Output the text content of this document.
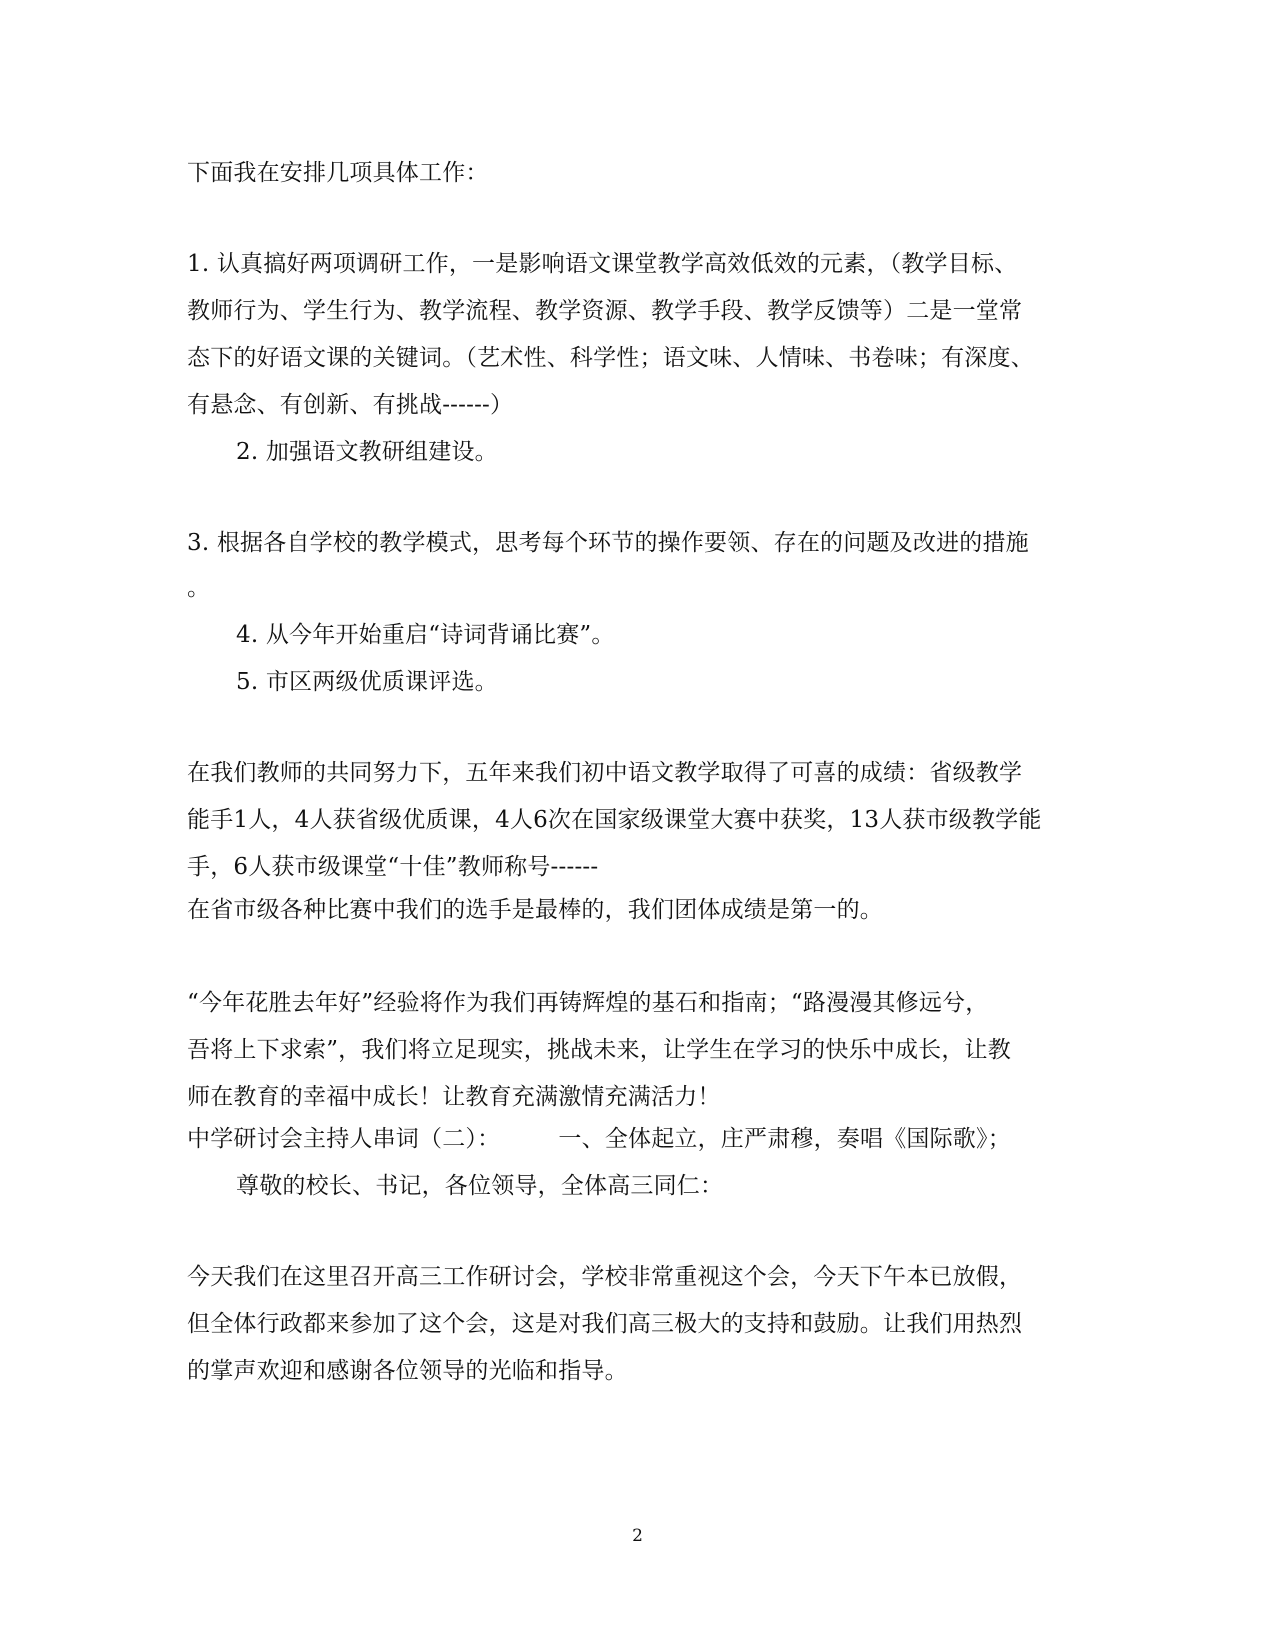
下面我在安排几项具体工作：
1. 认真搞好两项调研工作，一是影响语文课堂教学高效低效的元素，（教学目标、
教师行为、学生行为、教学流程、教学资源、教学手段、教学反馈等）二是一堂常
态下的好语文课的关键词。（艺术性、科学性；语文味、人情味、书卷味；有深度、
有悬念、有创新、有挑战------）
2. 加强语文教研组建设。
3. 根据各自学校的教学模式，思考每个环节的操作要领、存在的问题及改进的措施
。
4. 从今年开始重启“诗词背诵比赛”。
5. 市区两级优质课评选。
在我们教师的共同努力下，五年来我们初中语文教学取得了可喜的成绩：省级教学
能手1人，4人获省级优质课，4人6次在国家级课堂大赛中获奖，13人获市级教学能
手，6人获市级课堂“十佳”教师称号------
在省市级各种比赛中我们的选手是最棒的，我们团体成绩是第一的。
“今年花胜去年好”经验将作为我们再铸辉煌的基石和指南；“路漫漫其修远兮，
吾将上下求索”，我们将立足现实，挑战未来，让学生在学习的快乐中成长，让教
师在教育的幸福中成长！让教育充满激情充满活力！
中学研讨会主持人串词（二）：　　　一、全体起立，庄严肃穆，奏唱《国际歌》；
尊敬的校长、书记，各位领导，全体高三同仁：
今天我们在这里召开高三工作研讨会，学校非常重视这个会，今天下午本已放假，
但全体行政都来参加了这个会，这是对我们高三极大的支持和鼓励。让我们用热烈
的掌声欢迎和感谢各位领导的光临和指导。
2
